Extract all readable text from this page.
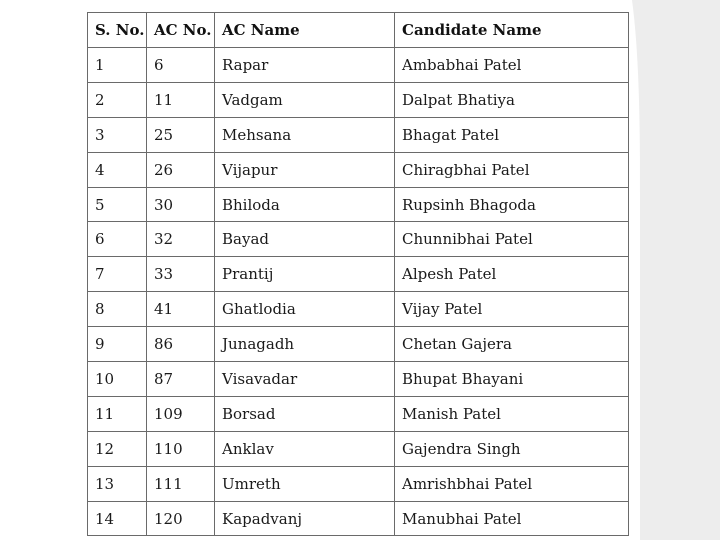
S. No.	AC No.	AC Name	Candidate Name
1	6	Rapar	Ambabhai Patel
2	11	Vadgam	Dalpat Bhatiya
3	25	Mehsana	Bhagat Patel
4	26	Vijapur	Chiragbhai Patel
5	30	Bhiloda	Rupsinh Bhagoda
6	32	Bayad	Chunnibhai Patel
7	33	Prantij	Alpesh Patel
8	41	Ghatlodia	Vijay Patel
9	86	Junagadh	Chetan Gajera
10	87	Visavadar	Bhupat Bhayani
11	109	Borsad	Manish Patel
12	110	Anklav	Gajendra Singh
13	111	Umreth	Amrishbhai Patel
14	120	Kapadvanj	Manubhai Patel
